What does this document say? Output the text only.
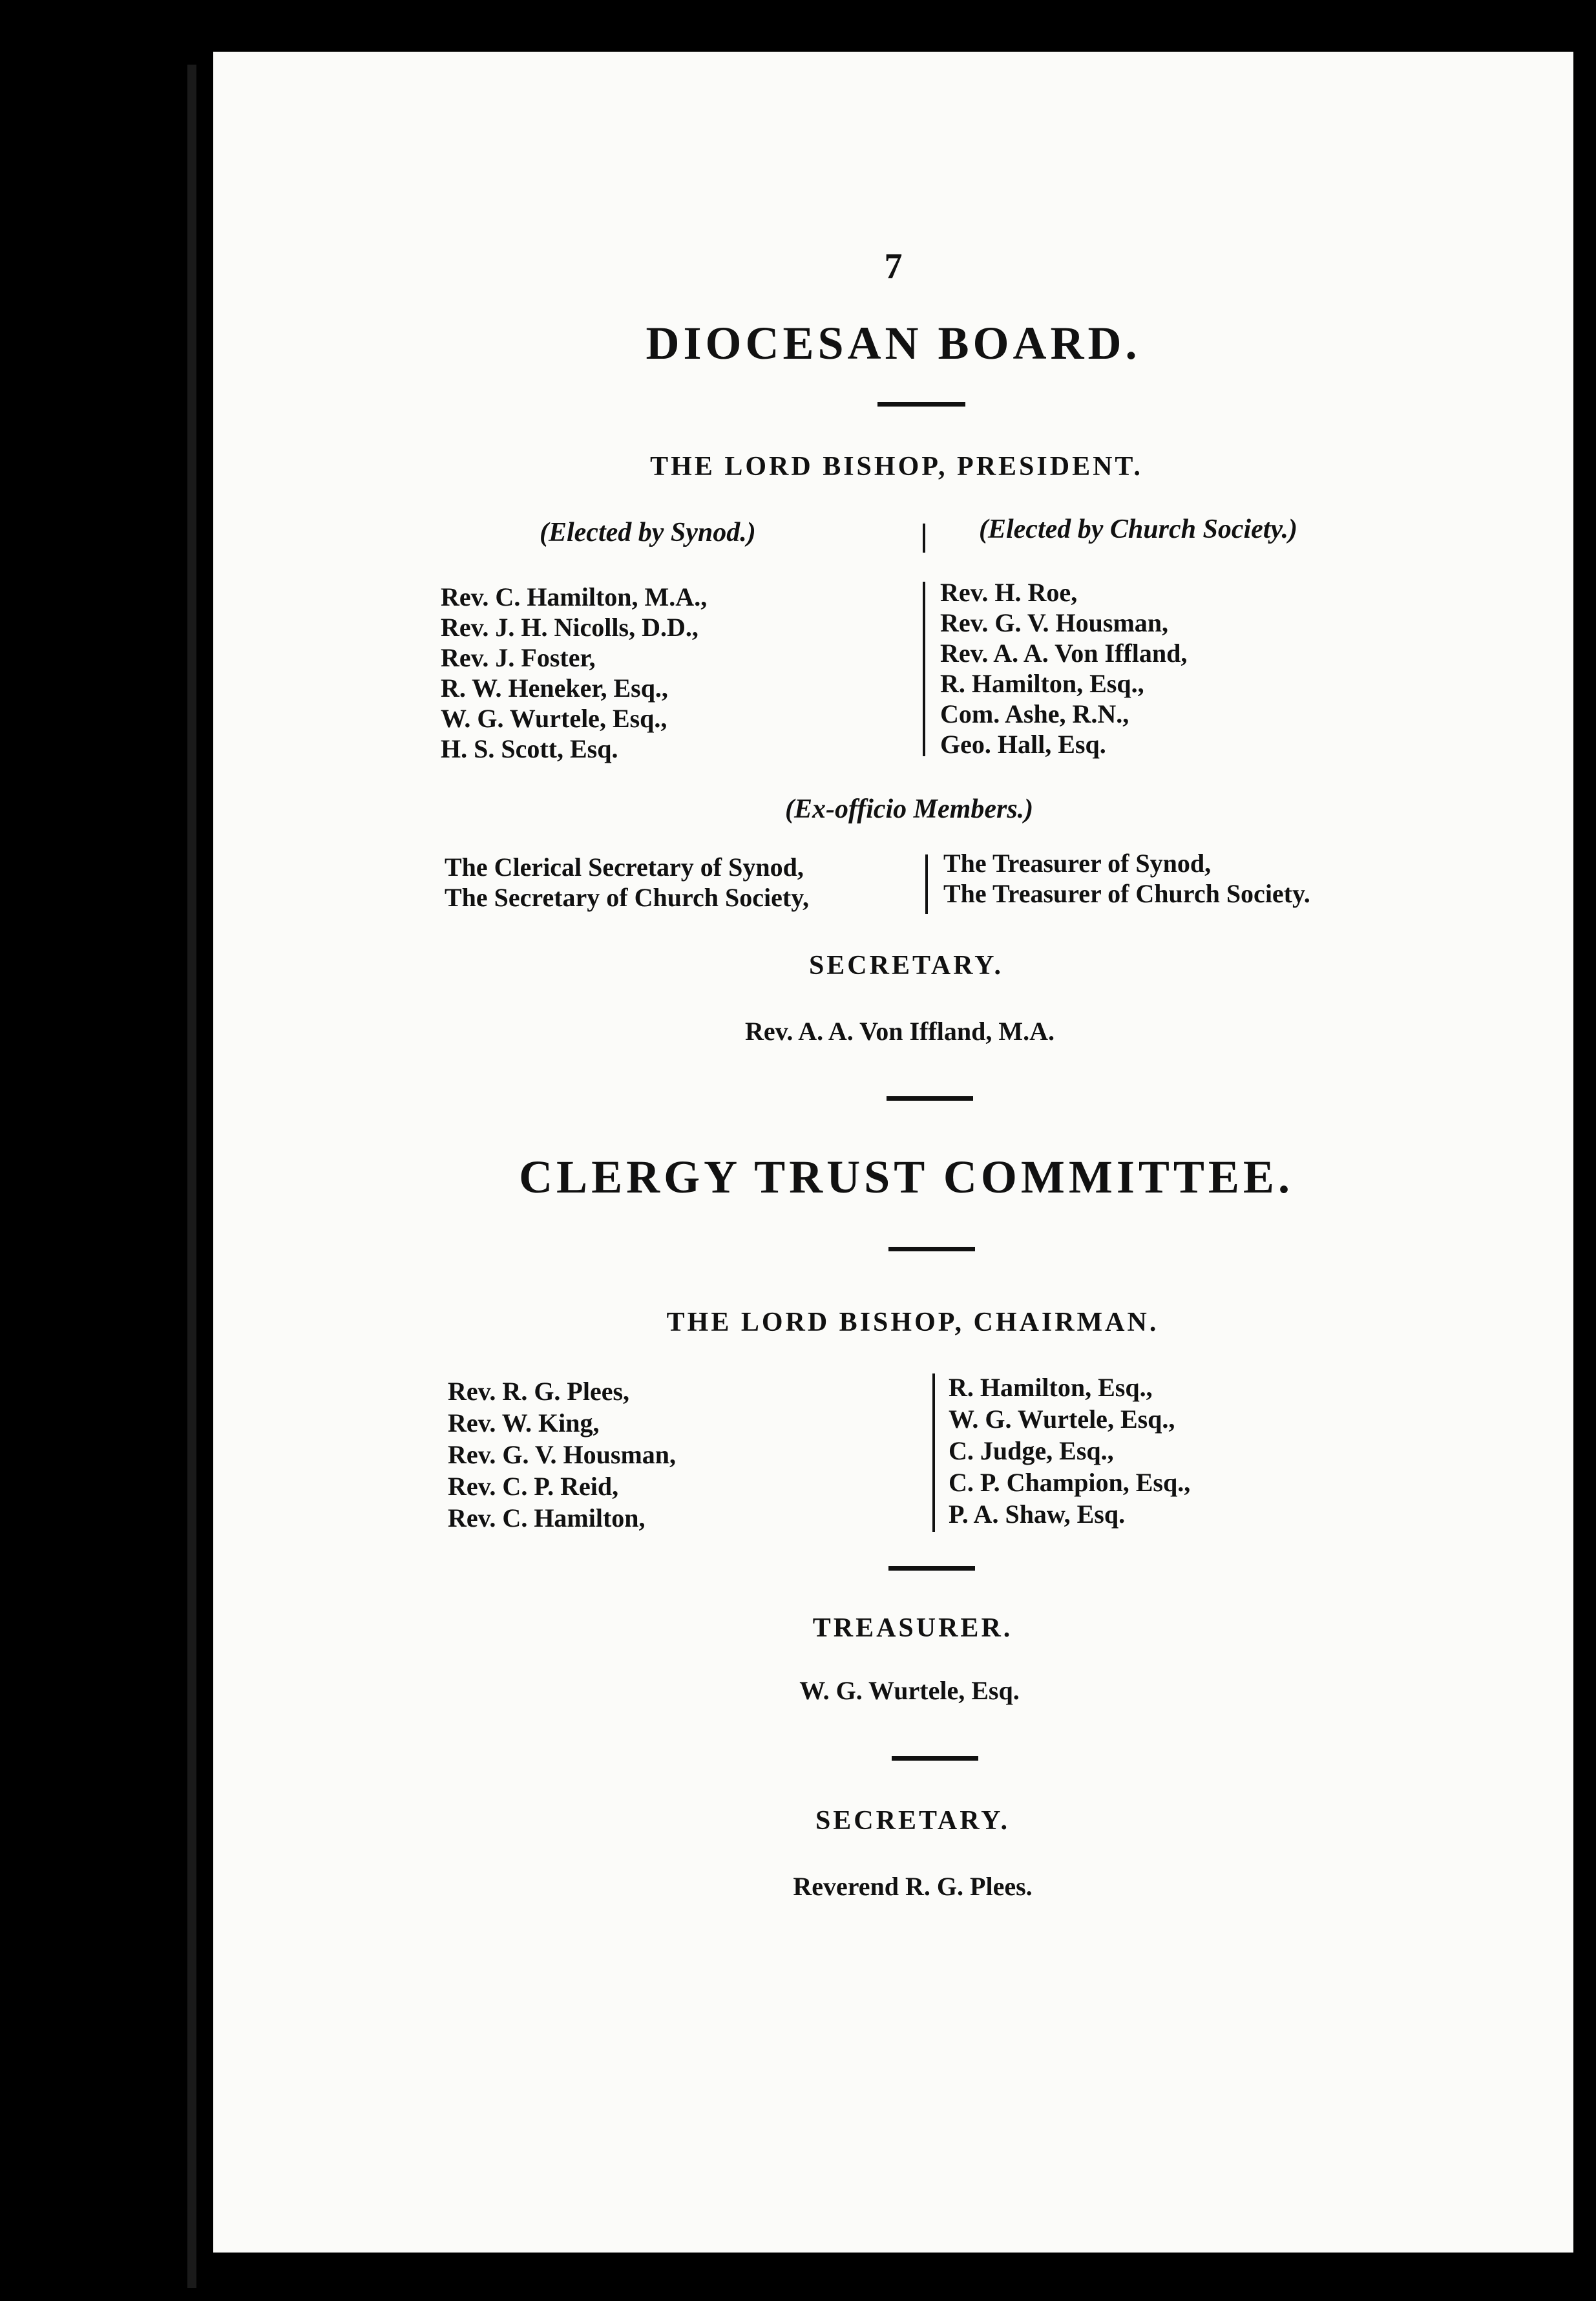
7
DIOCESAN BOARD.
THE LORD BISHOP, PRESIDENT.
(Elected by Synod.)	(Elected by Church Society.)
Rev. C. Hamilton, M.A.,
Rev. J. H. Nicolls, D.D.,
Rev. J. Foster,
R. W. Heneker, Esq.,
W. G. Wurtele, Esq.,
H. S. Scott, Esq.
Rev. H. Roe,
Rev. G. V. Housman,
Rev. A. A. Von Iffland,
R. Hamilton, Esq.,
Com. Ashe, R.N.,
Geo. Hall, Esq.
(Ex-officio Members.)
The Clerical Secretary of Synod,
The Secretary of Church Society,
The Treasurer of Synod,
The Treasurer of Church Society.
SECRETARY.
Rev. A. A. Von Iffland, M.A.
CLERGY TRUST COMMITTEE.
THE LORD BISHOP, CHAIRMAN.
Rev. R. G. Plees,
Rev. W. King,
Rev. G. V. Housman,
Rev. C. P. Reid,
Rev. C. Hamilton,
R. Hamilton, Esq.,
W. G. Wurtele, Esq.,
C. Judge, Esq.,
C. P. Champion, Esq.,
P. A. Shaw, Esq.
TREASURER.
W. G. Wurtele, Esq.
SECRETARY.
Reverend R. G. Plees.
